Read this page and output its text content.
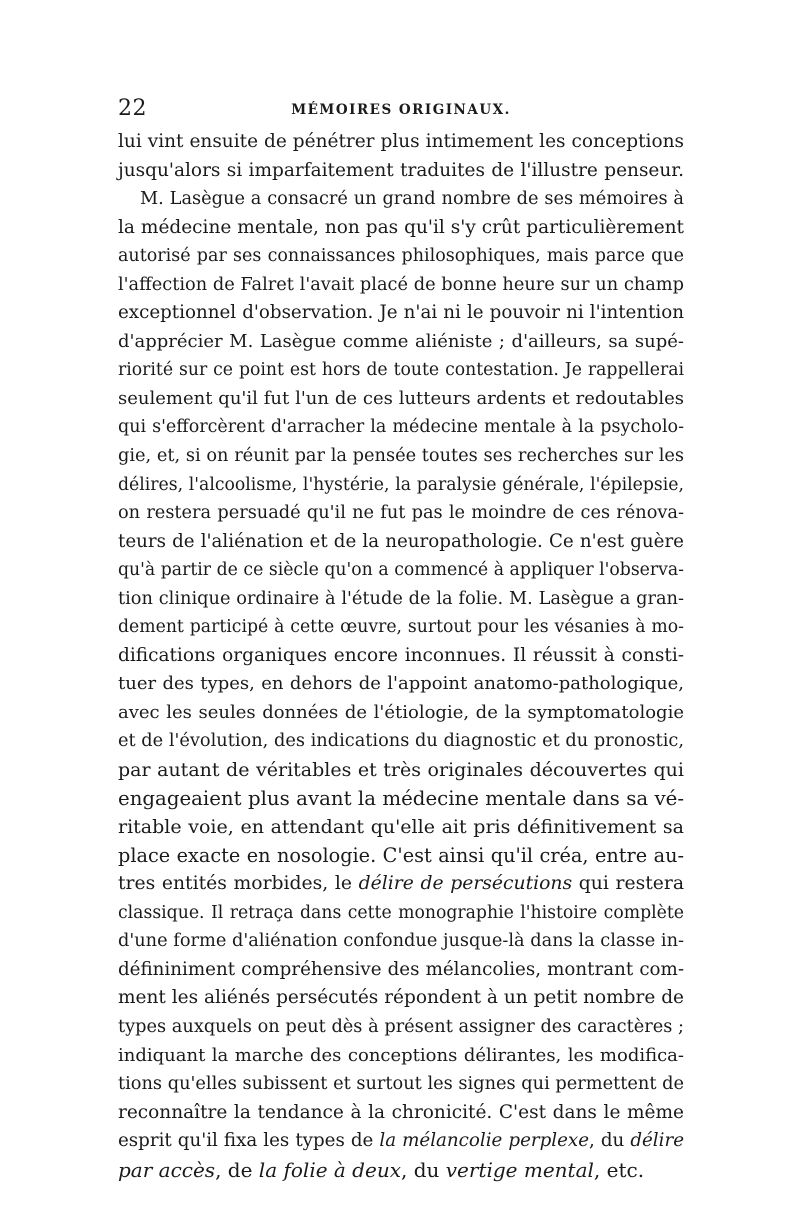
22	MÉMOIRES ORIGINAUX.
lui vint ensuite de pénétrer plus intimement les conceptions
jusqu'alors si imparfaitement traduites de l'illustre penseur.
M. Lasègue a consacré un grand nombre de ses mémoires à
la médecine mentale, non pas qu'il s'y crût particulièrement
autorisé par ses connaissances philosophiques, mais parce que
l'affection de Falret l'avait placé de bonne heure sur un champ
exceptionnel d'observation. Je n'ai ni le pouvoir ni l'intention
d'apprécier M. Lasègue comme aliéniste ; d'ailleurs, sa supé-
riorité sur ce point est hors de toute contestation. Je rappellerai
seulement qu'il fut l'un de ces lutteurs ardents et redoutables
qui s'efforcèrent d'arracher la médecine mentale à la psycholo-
gie, et, si on réunit par la pensée toutes ses recherches sur les
délires, l'alcoolisme, l'hystérie, la paralysie générale, l'épilepsie,
on restera persuadé qu'il ne fut pas le moindre de ces rénova-
teurs de l'aliénation et de la neuropathologie. Ce n'est guère
qu'à partir de ce siècle qu'on a commencé à appliquer l'observa-
tion clinique ordinaire à l'étude de la folie. M. Lasègue a gran-
dement participé à cette œuvre, surtout pour les vésanies à mo-
difications organiques encore inconnues. Il réussit à consti-
tuer des types, en dehors de l'appoint anatomo-pathologique,
avec les seules données de l'étiologie, de la symptomatologie
et de l'évolution, des indications du diagnostic et du pronostic,
par autant de véritables et très originales découvertes qui
engageaient plus avant la médecine mentale dans sa vé-
ritable voie, en attendant qu'elle ait pris définitivement sa
place exacte en nosologie. C'est ainsi qu'il créa, entre au-
tres entités morbides, le délire de persécutions qui restera
classique. Il retraça dans cette monographie l'histoire complète
d'une forme d'aliénation confondue jusque-là dans la classe in-
défininiment compréhensive des mélancolies, montrant com-
ment les aliénés persécutés répondent à un petit nombre de
types auxquels on peut dès à présent assigner des caractères ;
indiquant la marche des conceptions délirantes, les modifica-
tions qu'elles subissent et surtout les signes qui permettent de
reconnaître la tendance à la chronicité. C'est dans le même
esprit qu'il fixa les types de la mélancolie perplexe, du délire
par accès, de la folie à deux, du vertige mental, etc.
